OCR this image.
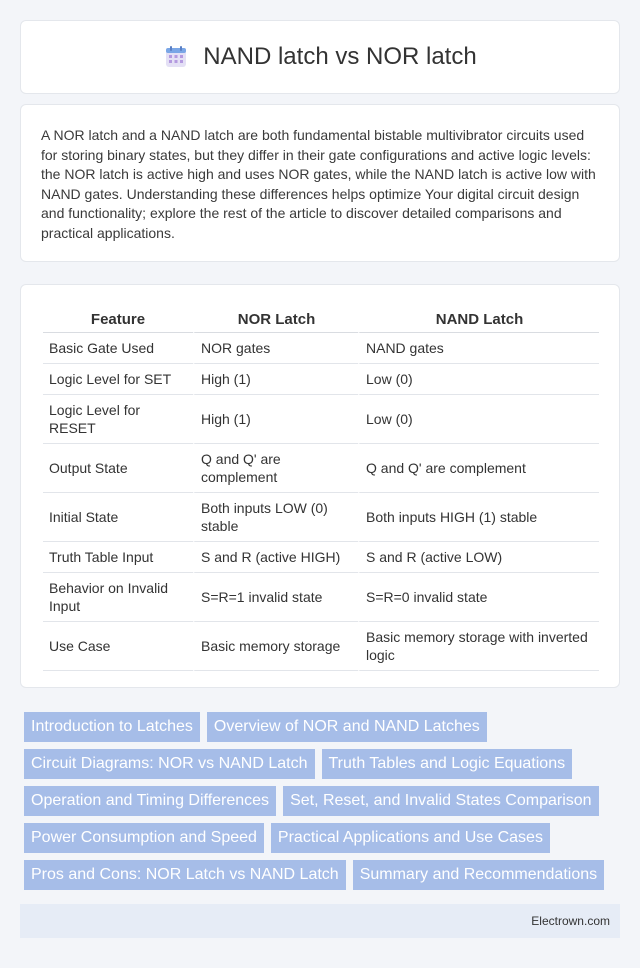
NAND latch vs NOR latch

A NOR latch and a NAND latch are both fundamental bistable multivibrator circuits used for storing binary states, but they differ in their gate configurations and active logic levels: the NOR latch is active high and uses NOR gates, while the NAND latch is active low with NAND gates. Understanding these differences helps optimize Your digital circuit design and functionality; explore the rest of the article to discover detailed comparisons and practical applications.

Feature	NOR Latch	NAND Latch
Basic Gate Used	NOR gates	NAND gates
Logic Level for SET	High (1)	Low (0)
Logic Level for RESET	High (1)	Low (0)
Output State	Q and Q' are complement	Q and Q' are complement
Initial State	Both inputs LOW (0) stable	Both inputs HIGH (1) stable
Truth Table Input	S and R (active HIGH)	S and R (active LOW)
Behavior on Invalid Input	S=R=1 invalid state	S=R=0 invalid state
Use Case	Basic memory storage	Basic memory storage with inverted logic
Introduction to Latches	Overview of NOR and NAND Latches
Circuit Diagrams: NOR vs NAND Latch	Truth Tables and Logic Equations
Operation and Timing Differences	Set, Reset, and Invalid States Comparison
Power Consumption and Speed	Practical Applications and Use Cases
Pros and Cons: NOR Latch vs NAND Latch	Summary and Recommendations
Electrown.com
